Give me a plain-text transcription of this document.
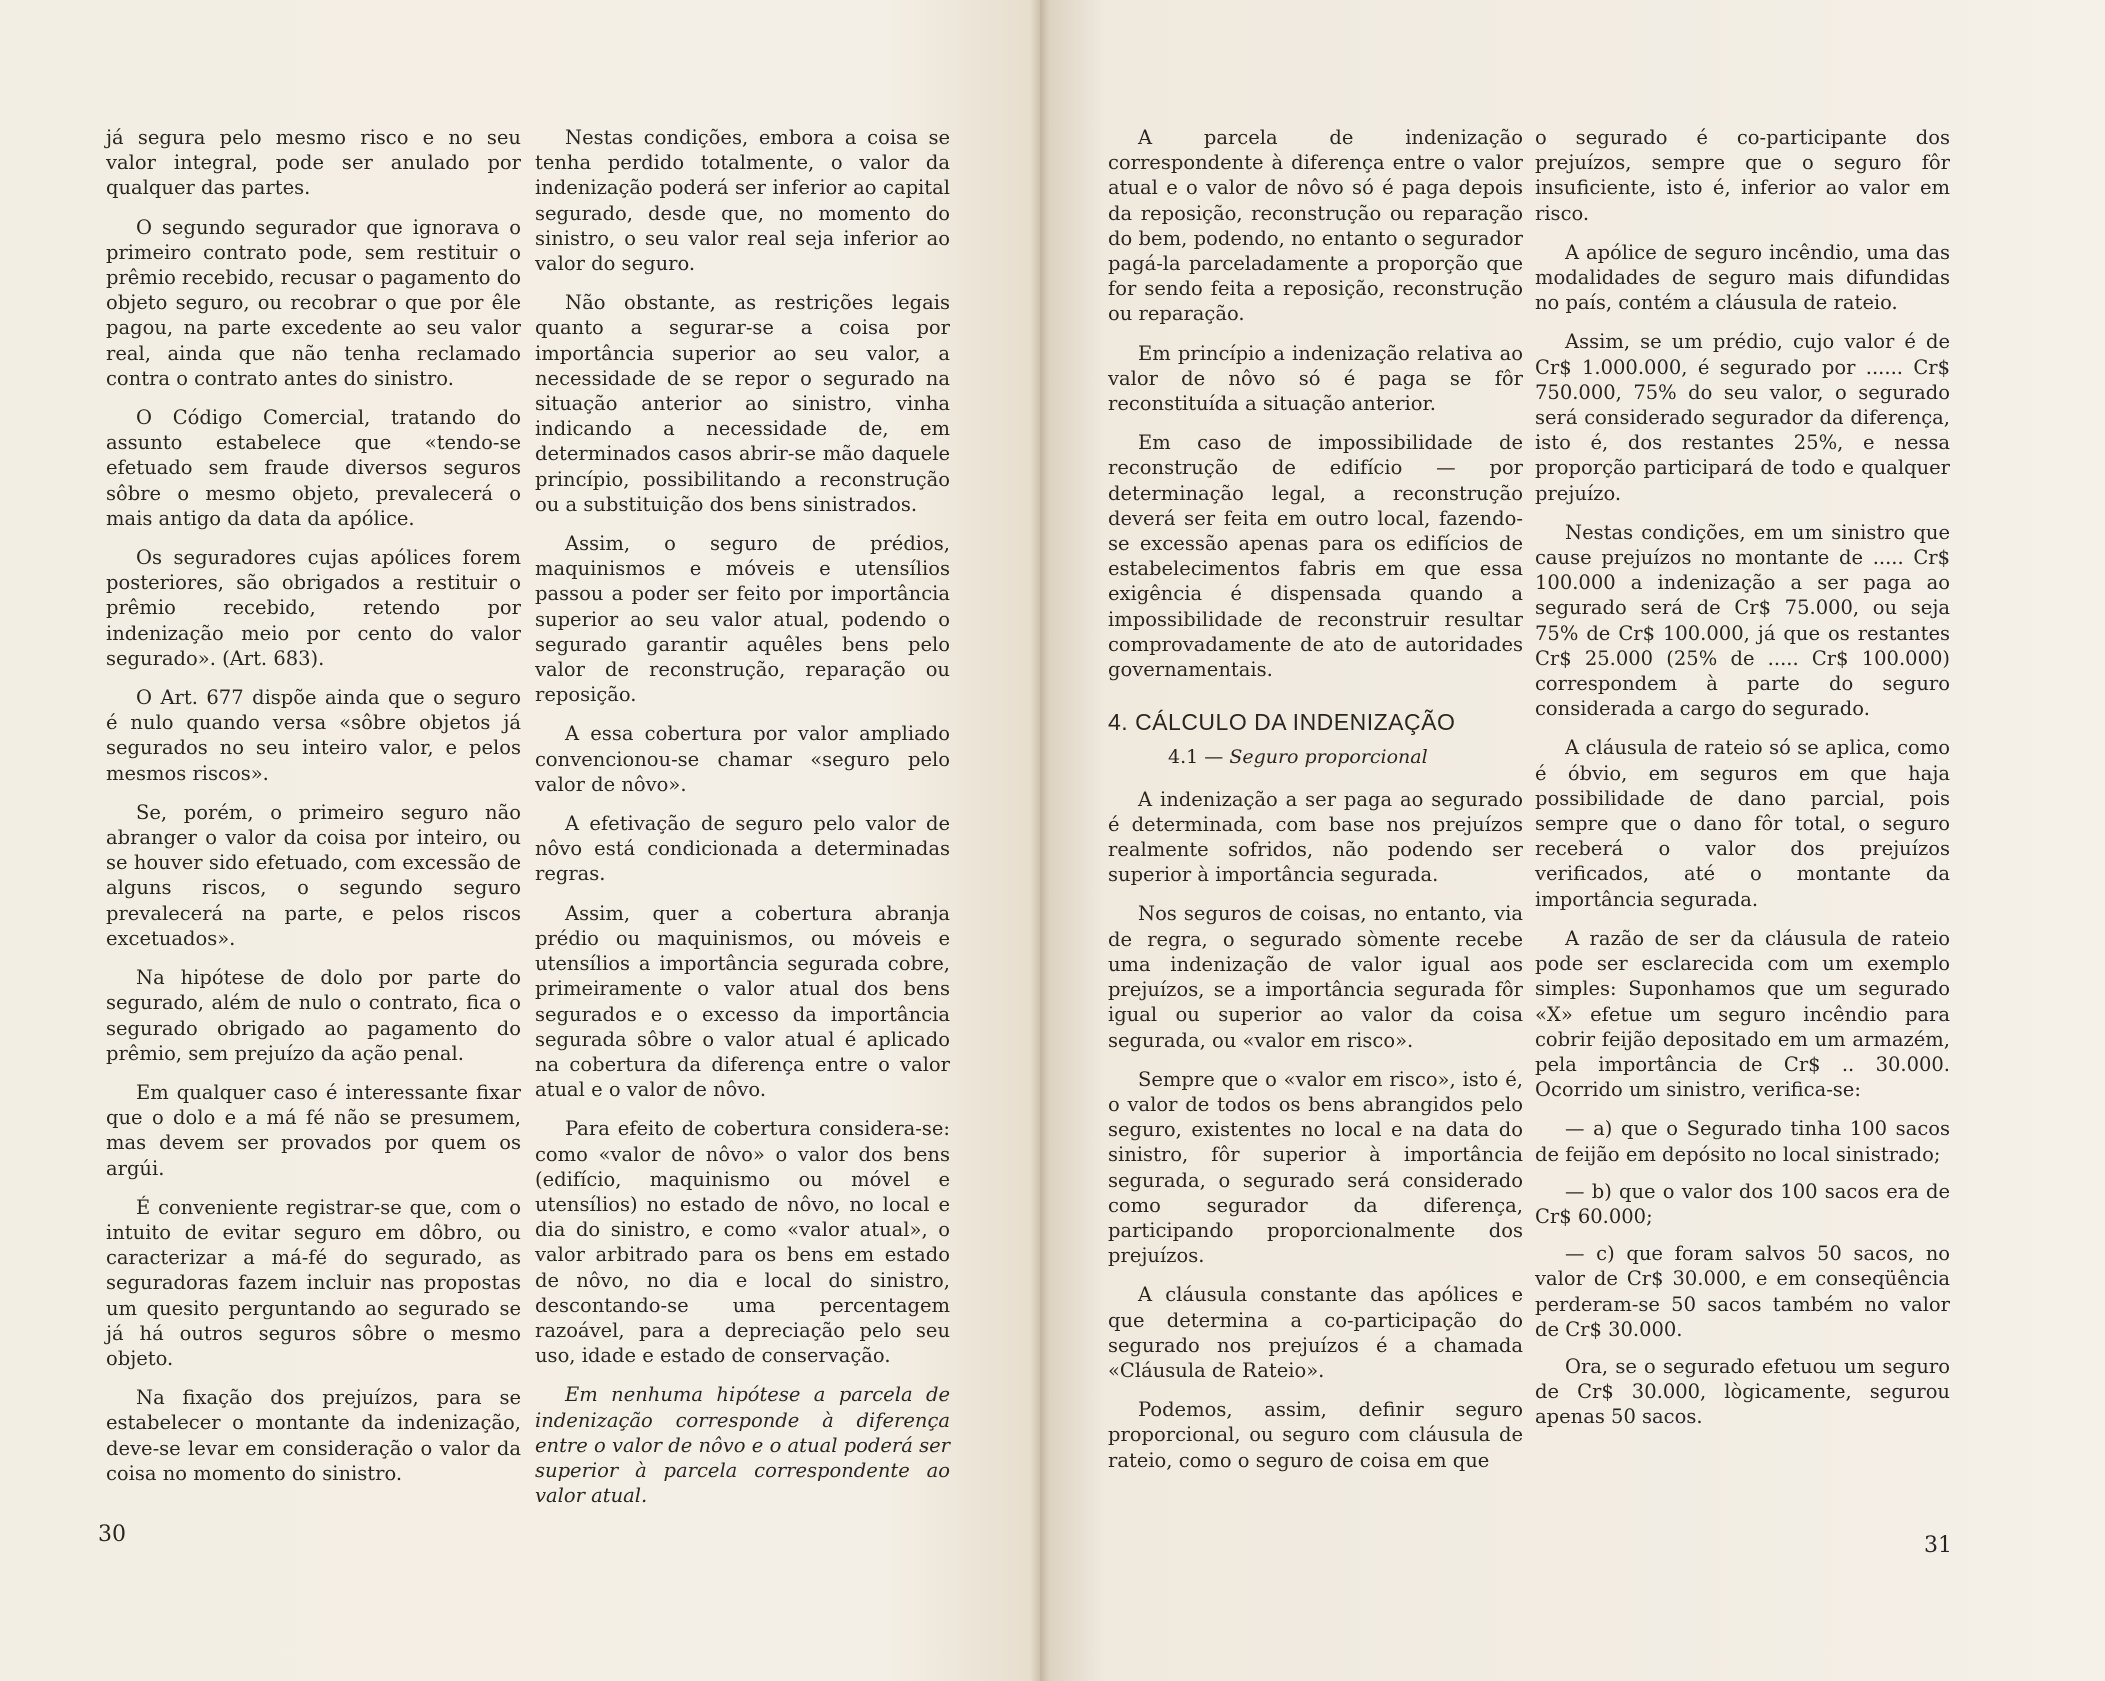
já segura pelo mesmo risco e no seu valor integral, pode ser anulado por qualquer das partes.

O segundo segurador que ignorava o primeiro contrato pode, sem restituir o prêmio recebido, recusar o pagamento do objeto seguro, ou recobrar o que por êle pagou, na parte excedente ao seu valor real, ainda que não tenha reclamado contra o contrato antes do sinistro.

O Código Comercial, tratando do assunto estabelece que «tendo-se efetuado sem fraude diversos seguros sôbre o mesmo objeto, prevalecerá o mais antigo da data da apólice.

Os seguradores cujas apólices forem posteriores, são obrigados a restituir o prêmio recebido, retendo por indenização meio por cento do valor segurado». (Art. 683).

O Art. 677 dispõe ainda que o seguro é nulo quando versa «sôbre objetos já segurados no seu inteiro valor, e pelos mesmos riscos».

Se, porém, o primeiro seguro não abranger o valor da coisa por inteiro, ou se houver sido efetuado, com excessão de alguns riscos, o segundo seguro prevalecerá na parte, e pelos riscos excetuados».

Na hipótese de dolo por parte do segurado, além de nulo o contrato, fica o segurado obrigado ao pagamento do prêmio, sem prejuízo da ação penal.

Em qualquer caso é interessante fixar que o dolo e a má fé não se presumem, mas devem ser provados por quem os argúi.

É conveniente registrar-se que, com o intuito de evitar seguro em dôbro, ou caracterizar a má-fé do segurado, as seguradoras fazem incluir nas propostas um quesito perguntando ao segurado se já há outros seguros sôbre o mesmo objeto.

Na fixação dos prejuízos, para se estabelecer o montante da indenização, deve-se levar em consideração o valor da coisa no momento do sinistro.

Nestas condições, embora a coisa se tenha perdido totalmente, o valor da indenização poderá ser inferior ao capital segurado, desde que, no momento do sinistro, o seu valor real seja inferior ao valor do seguro.

Não obstante, as restrições legais quanto a segurar-se a coisa por importância superior ao seu valor, a necessidade de se repor o segurado na situação anterior ao sinistro, vinha indicando a necessidade de, em determinados casos abrir-se mão daquele princípio, possibilitando a reconstrução ou a substituição dos bens sinistrados.

Assim, o seguro de prédios, maquinismos e móveis e utensílios passou a poder ser feito por importância superior ao seu valor atual, podendo o segurado garantir aquêles bens pelo valor de reconstrução, reparação ou reposição.

A essa cobertura por valor ampliado convencionou-se chamar «seguro pelo valor de nôvo».

A efetivação de seguro pelo valor de nôvo está condicionada a determinadas regras.

Assim, quer a cobertura abranja prédio ou maquinismos, ou móveis e utensílios a importância segurada cobre, primeiramente o valor atual dos bens segurados e o excesso da importância segurada sôbre o valor atual é aplicado na cobertura da diferença entre o valor atual e o valor de nôvo.

Para efeito de cobertura considera-se: como «valor de nôvo» o valor dos bens (edifício, maquinismo ou móvel e utensílios) no estado de nôvo, no local e dia do sinistro, e como «valor atual», o valor arbitrado para os bens em estado de nôvo, no dia e local do sinistro, descontando-se uma percentagem razoável, para a depreciação pelo seu uso, idade e estado de conservação.

Em nenhuma hipótese a parcela de indenização corresponde à diferença entre o valor de nôvo e o atual poderá ser superior à parcela correspondente ao valor atual.

30

A parcela de indenização correspondente à diferença entre o valor atual e o valor de nôvo só é paga depois da reposição, reconstrução ou reparação do bem, podendo, no entanto o segurador pagá-la parceladamente a proporção que for sendo feita a reposição, reconstrução ou reparação.

Em princípio a indenização relativa ao valor de nôvo só é paga se fôr reconstituída a situação anterior.

Em caso de impossibilidade de reconstrução de edifício — por determinação legal, a reconstrução deverá ser feita em outro local, fazendo-se excessão apenas para os edifícios de estabelecimentos fabris em que essa exigência é dispensada quando a impossibilidade de reconstruir resultar comprovadamente de ato de autoridades governamentais.

4. CÁLCULO DA INDENIZAÇÃO
4.1 — Seguro proporcional

A indenização a ser paga ao segurado é determinada, com base nos prejuízos realmente sofridos, não podendo ser superior à importância segurada.

Nos seguros de coisas, no entanto, via de regra, o segurado sòmente recebe uma indenização de valor igual aos prejuízos, se a importância segurada fôr igual ou superior ao valor da coisa segurada, ou «valor em risco».

Sempre que o «valor em risco», isto é, o valor de todos os bens abrangidos pelo seguro, existentes no local e na data do sinistro, fôr superior à importância segurada, o segurado será considerado como segurador da diferença, participando proporcionalmente dos prejuízos.

A cláusula constante das apólices e que determina a co-participação do segurado nos prejuízos é a chamada «Cláusula de Rateio».

Podemos, assim, definir seguro proporcional, ou seguro com cláusula de rateio, como o seguro de coisa em que

o segurado é co-participante dos prejuízos, sempre que o seguro fôr insuficiente, isto é, inferior ao valor em risco.

A apólice de seguro incêndio, uma das modalidades de seguro mais difundidas no país, contém a cláusula de rateio.

Assim, se um prédio, cujo valor é de Cr$ 1.000.000, é segurado por ...... Cr$ 750.000, 75% do seu valor, o segurado será considerado segurador da diferença, isto é, dos restantes 25%, e nessa proporção participará de todo e qualquer prejuízo.

Nestas condições, em um sinistro que cause prejuízos no montante de ..... Cr$ 100.000 a indenização a ser paga ao segurado será de Cr$ 75.000, ou seja 75% de Cr$ 100.000, já que os restantes Cr$ 25.000 (25% de ..... Cr$ 100.000) correspondem à parte do seguro considerada a cargo do segurado.

A cláusula de rateio só se aplica, como é óbvio, em seguros em que haja possibilidade de dano parcial, pois sempre que o dano fôr total, o seguro receberá o valor dos prejuízos verificados, até o montante da importância segurada.

A razão de ser da cláusula de rateio pode ser esclarecida com um exemplo simples: Suponhamos que um segurado «X» efetue um seguro incêndio para cobrir feijão depositado em um armazém, pela importância de Cr$ .. 30.000. Ocorrido um sinistro, verifica-se:

— a) que o Segurado tinha 100 sacos de feijão em depósito no local sinistrado;

— b) que o valor dos 100 sacos era de Cr$ 60.000;

— c) que foram salvos 50 sacos, no valor de Cr$ 30.000, e em conseqüência perderam-se 50 sacos também no valor de Cr$ 30.000.

Ora, se o segurado efetuou um seguro de Cr$ 30.000, lògicamente, segurou apenas 50 sacos.

31
